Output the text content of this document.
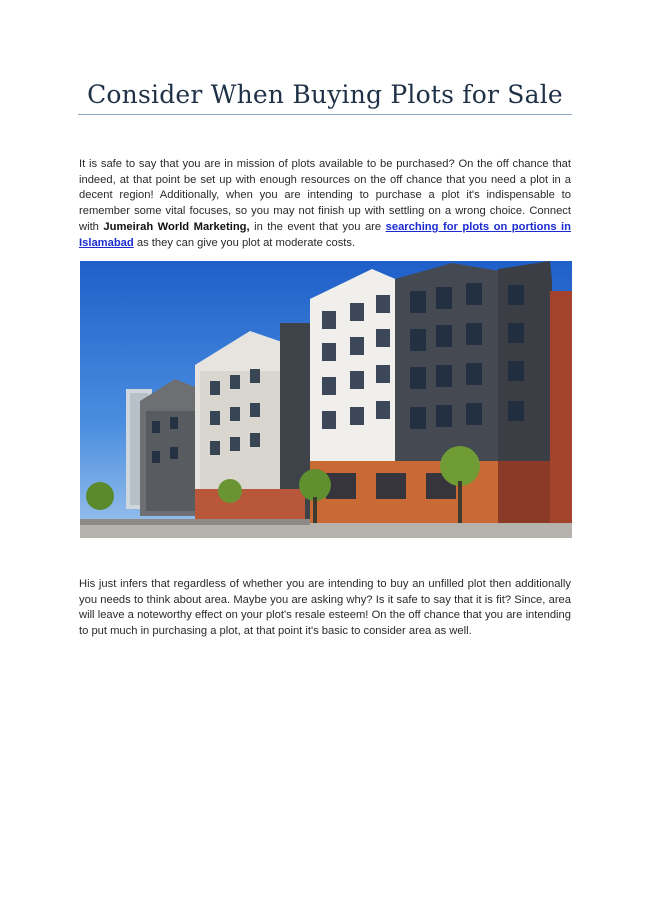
Consider When Buying Plots for Sale

It is safe to say that you are in mission of plots available to be purchased? On the off chance that indeed, at that point be set up with enough resources on the off chance that you need a plot in a decent region! Additionally, when you are intending to purchase a plot it's indispensable to remember some vital focuses, so you may not finish up with settling on a wrong choice. Connect with Jumeirah World Marketing, in the event that you are searching for plots on portions in Islamabad as they can give you plot at moderate costs.

His just infers that regardless of whether you are intending to buy an unfilled plot then additionally you needs to think about area. Maybe you are asking why? Is it safe to say that it is fit? Since, area will leave a noteworthy effect on your plot's resale esteem! On the off chance that you are intending to put much in purchasing a plot, at that point it's basic to consider area as well.
